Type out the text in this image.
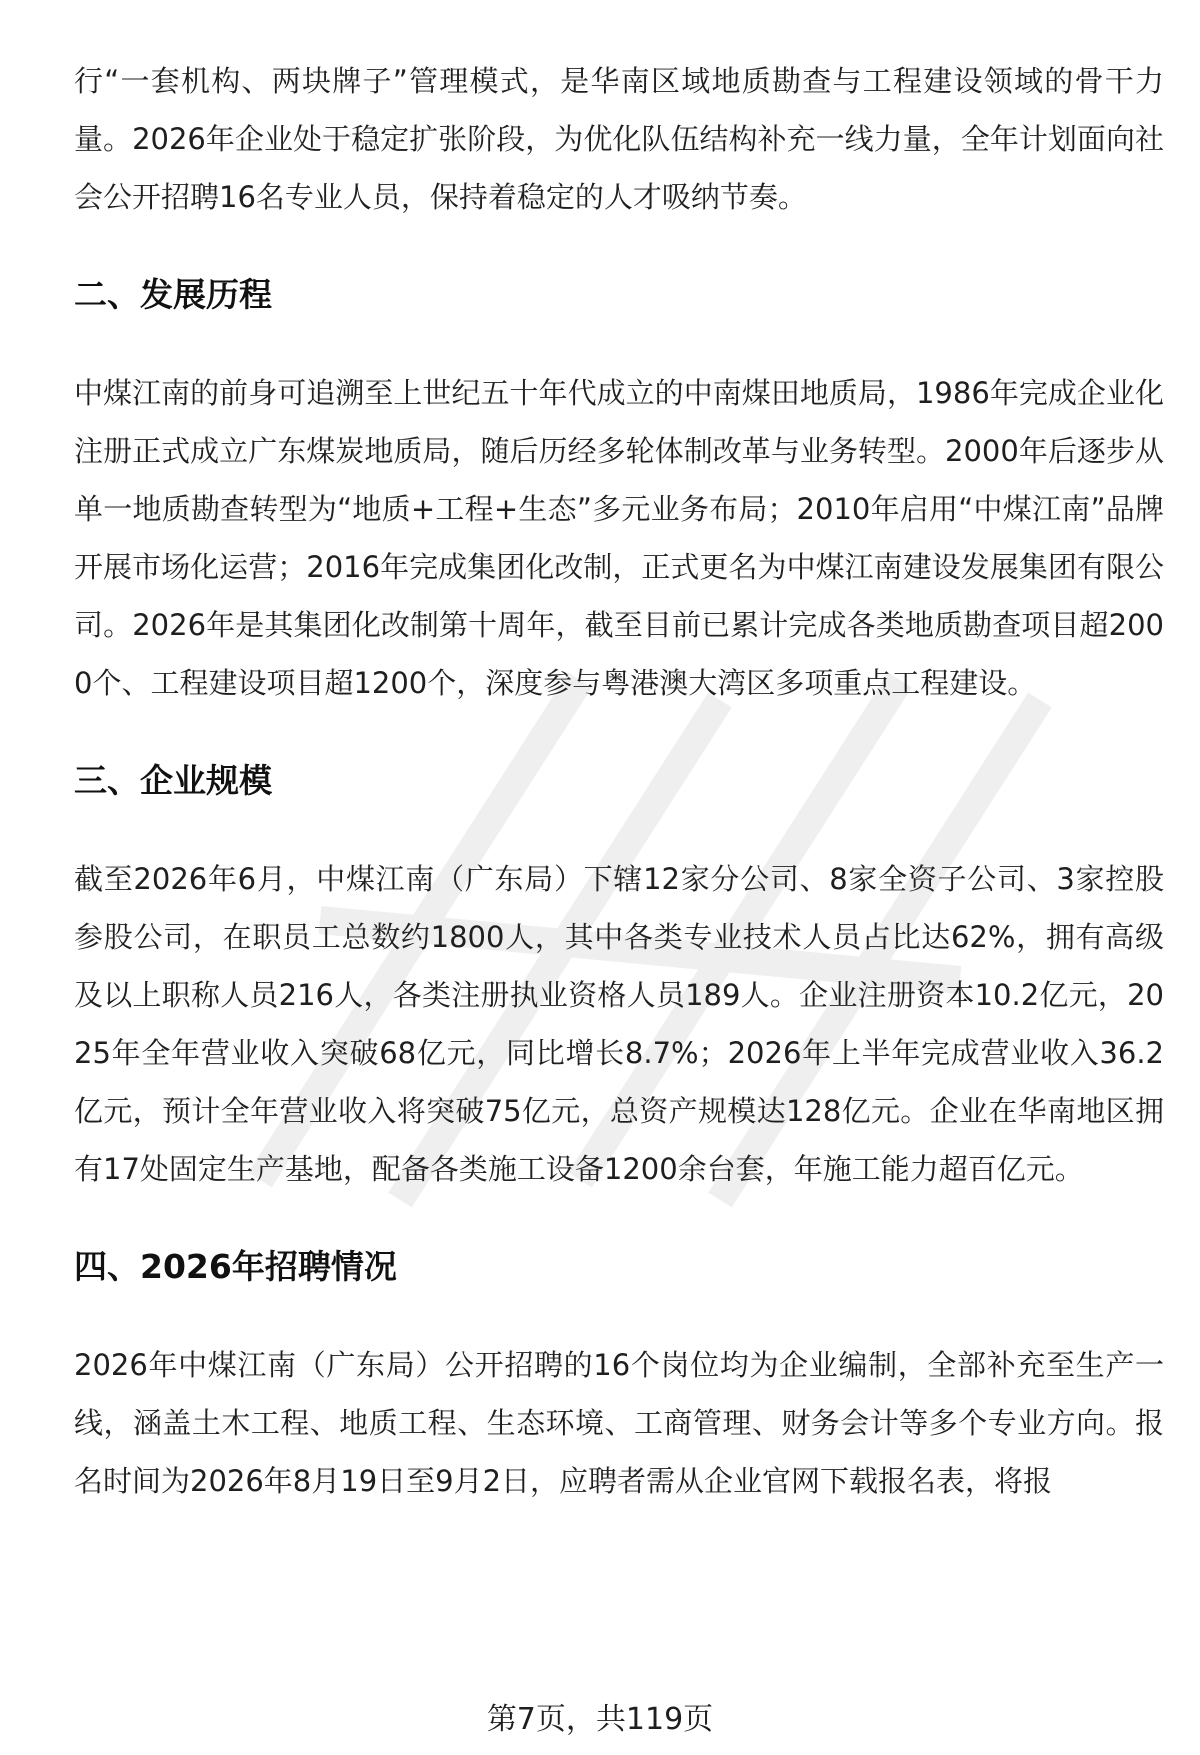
行“一套机构、两块牌子”管理模式，是华南区域地质勘查与工程建设领域的骨干力量。2026年企业处于稳定扩张阶段，为优化队伍结构补充一线力量，全年计划面向社会公开招聘16名专业人员，保持着稳定的人才吸纳节奏。

二、发展历程

中煤江南的前身可追溯至上世纪五十年代成立的中南煤田地质局，1986年完成企业化注册正式成立广东煤炭地质局，随后历经多轮体制改革与业务转型。2000年后逐步从单一地质勘查转型为“地质+工程+生态”多元业务布局；2010年启用“中煤江南”品牌开展市场化运营；2016年完成集团化改制，正式更名为中煤江南建设发展集团有限公司。2026年是其集团化改制第十周年，截至目前已累计完成各类地质勘查项目超2000个、工程建设项目超1200个，深度参与粤港澳大湾区多项重点工程建设。

三、企业规模

截至2026年6月，中煤江南（广东局）下辖12家分公司、8家全资子公司、3家控股参股公司，在职员工总数约1800人，其中各类专业技术人员占比达62%，拥有高级及以上职称人员216人，各类注册执业资格人员189人。企业注册资本10.2亿元，2025年全年营业收入突破68亿元，同比增长8.7%；2026年上半年完成营业收入36.2亿元，预计全年营业收入将突破75亿元，总资产规模达128亿元。企业在华南地区拥有17处固定生产基地，配备各类施工设备1200余台套，年施工能力超百亿元。

四、2026年招聘情况

2026年中煤江南（广东局）公开招聘的16个岗位均为企业编制，全部补充至生产一线，涵盖土木工程、地质工程、生态环境、工商管理、财务会计等多个专业方向。报名时间为2026年8月19日至9月2日，应聘者需从企业官网下载报名表，将报

第7页，共119页
